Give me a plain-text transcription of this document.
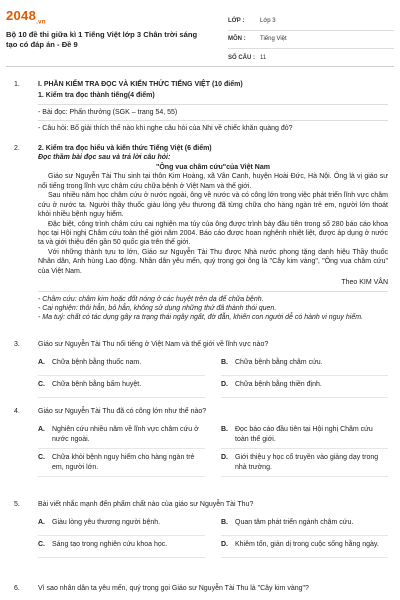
$2048_{.vn}$
Bộ 10 đề thi giữa kì 1 Tiếng Việt lớp 3 Chân trời sáng tạo có đáp án - Đề 9
LỚP :	Lớp 3
MÔN :	Tiếng Việt
SỐ CÂU : 11
1.	I. PHẦN KIỂM TRA ĐỌC VÀ KIẾN THỨC TIẾNG VIỆT (10 điểm)
1. Kiểm tra đọc thành tiếng(4 điểm)
- Bài đọc: Phấn thưởng (SGK – trang 54, 55)
- Câu hỏi: Bố giải thích thế nào khi nghe câu hỏi của Nhi về chiếc khăn quàng đỏ?
2.	2. Kiểm tra đọc hiểu và kiến thức Tiếng Việt (6 điểm)
Đọc thầm bài đọc sau và trả lời câu hỏi:
"Ông vua châm cứu"của Việt Nam
Giáo sư Nguyễn Tài Thu sinh tại thôn Kim Hoàng, xã Vân Canh, huyện Hoài Đức, Hà Nội. Ông là vị giáo sư nổi tiếng trong lĩnh vực châm cứu chữa bệnh ở Việt Nam và thế giới.
Sau nhiều năm học châm cứu ở nước ngoài, ông về nước và có công lớn trong việc phát triển lĩnh vực châm cứu ở nước ta. Người thầy thuốc giàu lòng yêu thương đã từng chữa cho hàng ngàn trẻ em, người lớn thoát khỏi nhiều bệnh nguy hiểm.
Đặc biệt, công trình châm cứu cai nghiện ma túy của ông được trình bày đầu tiên trong số 280 báo cáo khoa học tại Hội nghị Châm cứu toàn thế giới năm 2004. Báo cáo được hoan nghênh nhiệt liệt, được áp dụng ở nước ta và giới thiệu đến gần 50 quốc gia trên thế giới.
Với những thành tựu to lớn, Giáo sư Nguyễn Tài Thu được Nhà nước phong tặng danh hiệu Thầy thuốc Nhân dân, Anh hùng Lao động. Nhân dân yêu mến, quý trọng gọi ông là "Cây kim vàng", "Ông vua châm cứu" của Việt Nam.
Theo KIM VÂN
- Châm cứu: châm kim hoặc đốt nóng ở các huyệt trên da để chữa bệnh.
- Cai nghiện: thôi hẳn, bỏ hẳn, không sử dụng những thứ đã thành thói quen.
- Ma tuý: chất có tác dụng gây ra trạng thái ngây ngất, đờ đẫn, khiến con người dễ có hành vi nguy hiểm.
3.	Giáo sư Nguyễn Tài Thu nổi tiếng ở Việt Nam và thế giới về lĩnh vực nào?
A.	Chữa bệnh bằng thuốc nam.	B.	Chữa bệnh bằng châm cứu.
C.	Chữa bệnh bằng bấm huyệt.	D.	Chữa bệnh bằng thiền định.
4.	Giáo sư Nguyễn Tài Thu đã có công lớn như thế nào?
A.	Nghiên cứu nhiều năm về lĩnh vực châm cứu ở nước ngoài.
B.	Đọc báo cáo đầu tiên tại Hội nghị Châm cứu toàn thế giới.
C.	Chữa khỏi bệnh nguy hiểm cho hàng ngàn trẻ em, người lớn.
D.	Giới thiệu y học cổ truyền vào giảng dạy trong nhà trường.
5.	Bài viết nhắc mạnh đến phẩm chất nào của giáo sư Nguyễn Tài Thu?
A.	Giàu lòng yêu thương người bệnh.	B.	Quan tâm phát triển ngành châm cứu.
C.	Sáng tạo trong nghiên cứu khoa học.	D.	Khiêm tốn, giản dị trong cuộc sống hằng ngày.
6.	Vì sao nhân dân ta yêu mến, quý trọng gọi Giáo sư Nguyễn Tài Thu là "Cây kim vàng"?
